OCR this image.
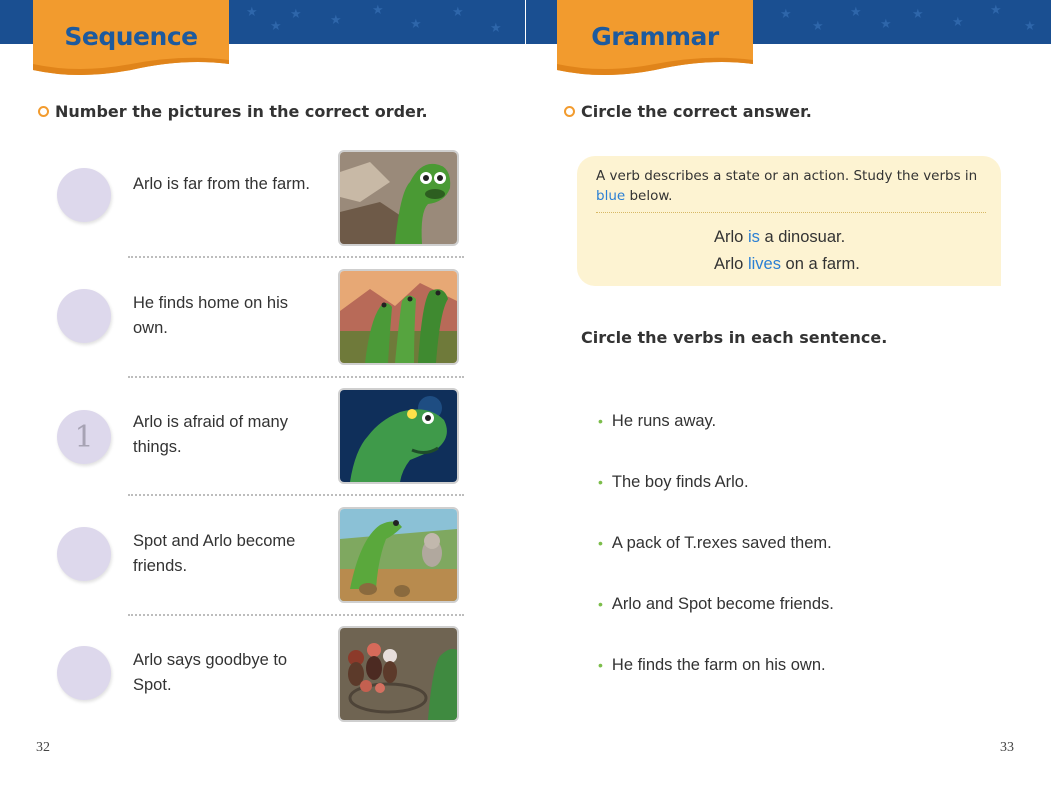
★
★
★ ★
★
★
★
★
★
★
★
★
★
★
★
★
Sequence	Grammar
Number the pictures in the correct order.
Arlo is far from the farm.
He finds home on his own.
1	Arlo is afraid of many things.
Spot and Arlo become friends.
Arlo says goodbye to Spot.
Circle the correct answer.
A verb describes a state or an action. Study the verbs in blue below.
Arlo is a dinosuar.
Arlo lives on a farm.
Circle the verbs in each sentence.
• He runs away.
• The boy finds Arlo.
• A pack of T.rexes saved them.
• Arlo and Spot become friends.
• He finds the farm on his own.
32	33
